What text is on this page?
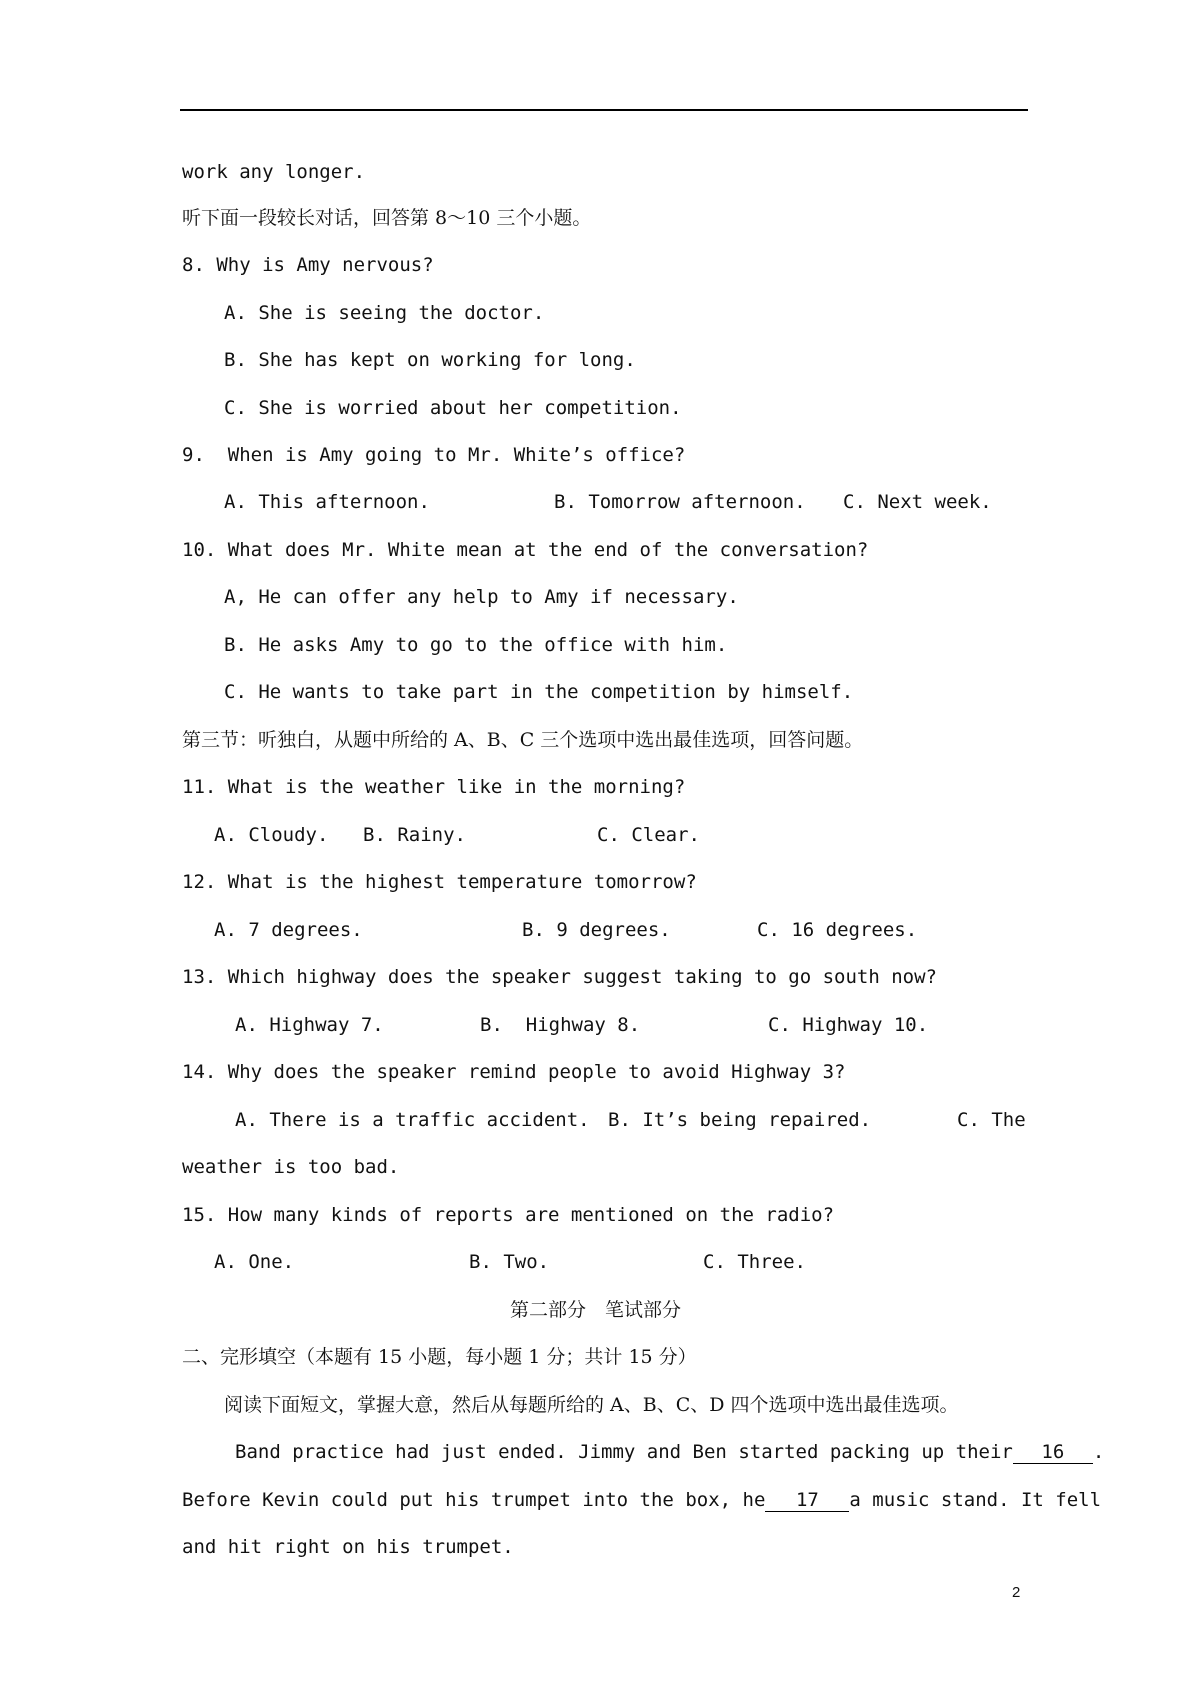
work any longer.
听下面一段较长对话，回答第 8～10 三个小题。
8. Why is Amy nervous?
A. She is seeing the doctor.
B. She has kept on working for long.
C. She is worried about her competition.
9.  When is Amy going to Mr. White’s office?
A. This afternoon.	B. Tomorrow afternoon. C. Next week.
10. What does Mr. White mean at the end of the conversation?
A, He can offer any help to Amy if necessary.
B. He asks Amy to go to the office with him.
C. He wants to take part in the competition by himself.
第三节：听独白，从题中所给的 A、B、C 三个选项中选出最佳选项，回答问题。
11. What is the weather like in the morning?
A. Cloudy. B. Rainy.	C. Clear.
12. What is the highest temperature tomorrow?
A. 7 degrees.	B. 9 degrees.	C. 16 degrees.
13. Which highway does the speaker suggest taking to go south now?
A. Highway 7.	B.  Highway 8.	C. Highway 10.
14. Why does the speaker remind people to avoid Highway 3?
A. There is a traffic accident. B. It’s being repaired.	C. The
weather is too bad.
15. How many kinds of reports are mentioned on the radio?
A. One.	B. Two.	C. Three.
第二部分　笔试部分
二、完形填空（本题有 15 小题，每小题 1 分；共计 15 分）
阅读下面短文，掌握大意，然后从每题所给的 A、B、C、D 四个选项中选出最佳选项。
Band practice had just ended. Jimmy and Ben started packing up their 16 .
Before Kevin could put his trumpet into the box, he 17 a music stand. It fell
and hit right on his trumpet.
2
